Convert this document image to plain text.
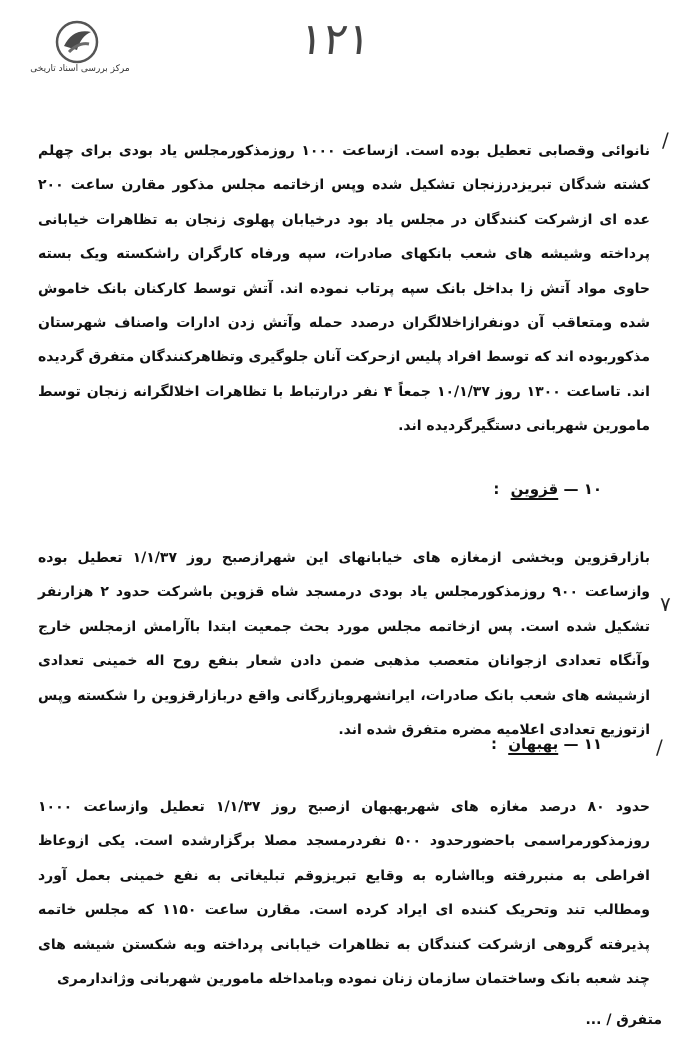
مرکز بررسی اسناد تاریخی
۱۲۱
/
٧
/
نانوائی وقصابی تعطیل بوده است. ازساعت ۱۰۰۰ روزمذکورمجلس یاد بودی برای چهلم کشته شدگان تبریزدرزنجان تشکیل شده وپس ازخاتمه مجلس مذکور مقارن ساعت ۲۰۰ عده ای ازشرکت کنندگان در مجلس یاد بود درخیابان پهلوی زنجان به تظاهرات خیابانی پرداخته وشیشه های شعب بانکهای صادرات، سپه ورفاه کارگران راشکسته ویک بسته حاوی مواد آتش زا بداخل بانک سپه پرتاب نموده اند. آتش توسط کارکنان بانک خاموش شده ومتعاقب آن دونفرازاخلالگران درصدد حمله وآتش زدن ادارات واصناف شهرستان مذکوربوده اند که توسط افراد پلیس ازحرکت آنان جلوگیری وتظاهرکنندگان متفرق گردیده اند. تاساعت ۱۳۰۰ روز ۱۰/۱/۳۷ جمعاً ۴ نفر درارتباط با تظاهرات اخلالگرانه زنجان توسط مامورین شهربانی دستگیرگردیده اند.
۱۰ — قزوین :
بازارقزوین وبخشی ازمغازه های خیابانهای این شهرازصبح روز ۱/۱/۳۷ تعطیل بوده وازساعت ۹۰۰ روزمذکورمجلس یاد بودی درمسجد شاه قزوین باشرکت حدود ۲ هزارنفر تشکیل شده است. پس ازخاتمه مجلس مورد بحث جمعیت ابتدا باآرامش ازمجلس خارج وآنگاه تعدادی ازجوانان متعصب مذهبی ضمن دادن شعار بنفع روح اله خمینی تعدادی ازشیشه های شعب بانک صادرات، ایرانشهروبازرگانی واقع دربازارقزوین را شکسته وپس ازتوزیع تعدادی اعلامیه مضره متفرق شده اند.
۱۱ — بهبهان :
حدود ۸۰ درصد مغازه های شهربهبهان ازصبح روز ۱/۱/۳۷ تعطیل وازساعت ۱۰۰۰ روزمذکورمراسمی باحضورحدود ۵۰۰ نفردرمسجد مصلا برگزارشده است. یکی ازوعاظ افراطی به منبررفته وبااشاره به وقایع تبریزوقم تبلیغاتی به نفع خمینی بعمل آورد ومطالب تند وتحریک کننده ای ایراد کرده است. مقارن ساعت ۱۱۵۰ که مجلس خاتمه پذیرفته گروهی ازشرکت کنندگان به تظاهرات خیابانی پرداخته وبه شکستن شیشه های چند شعبه بانک وساختمان سازمان زنان نموده وبامداخله مامورین شهربانی وژاندارمری
متفرق / ...
